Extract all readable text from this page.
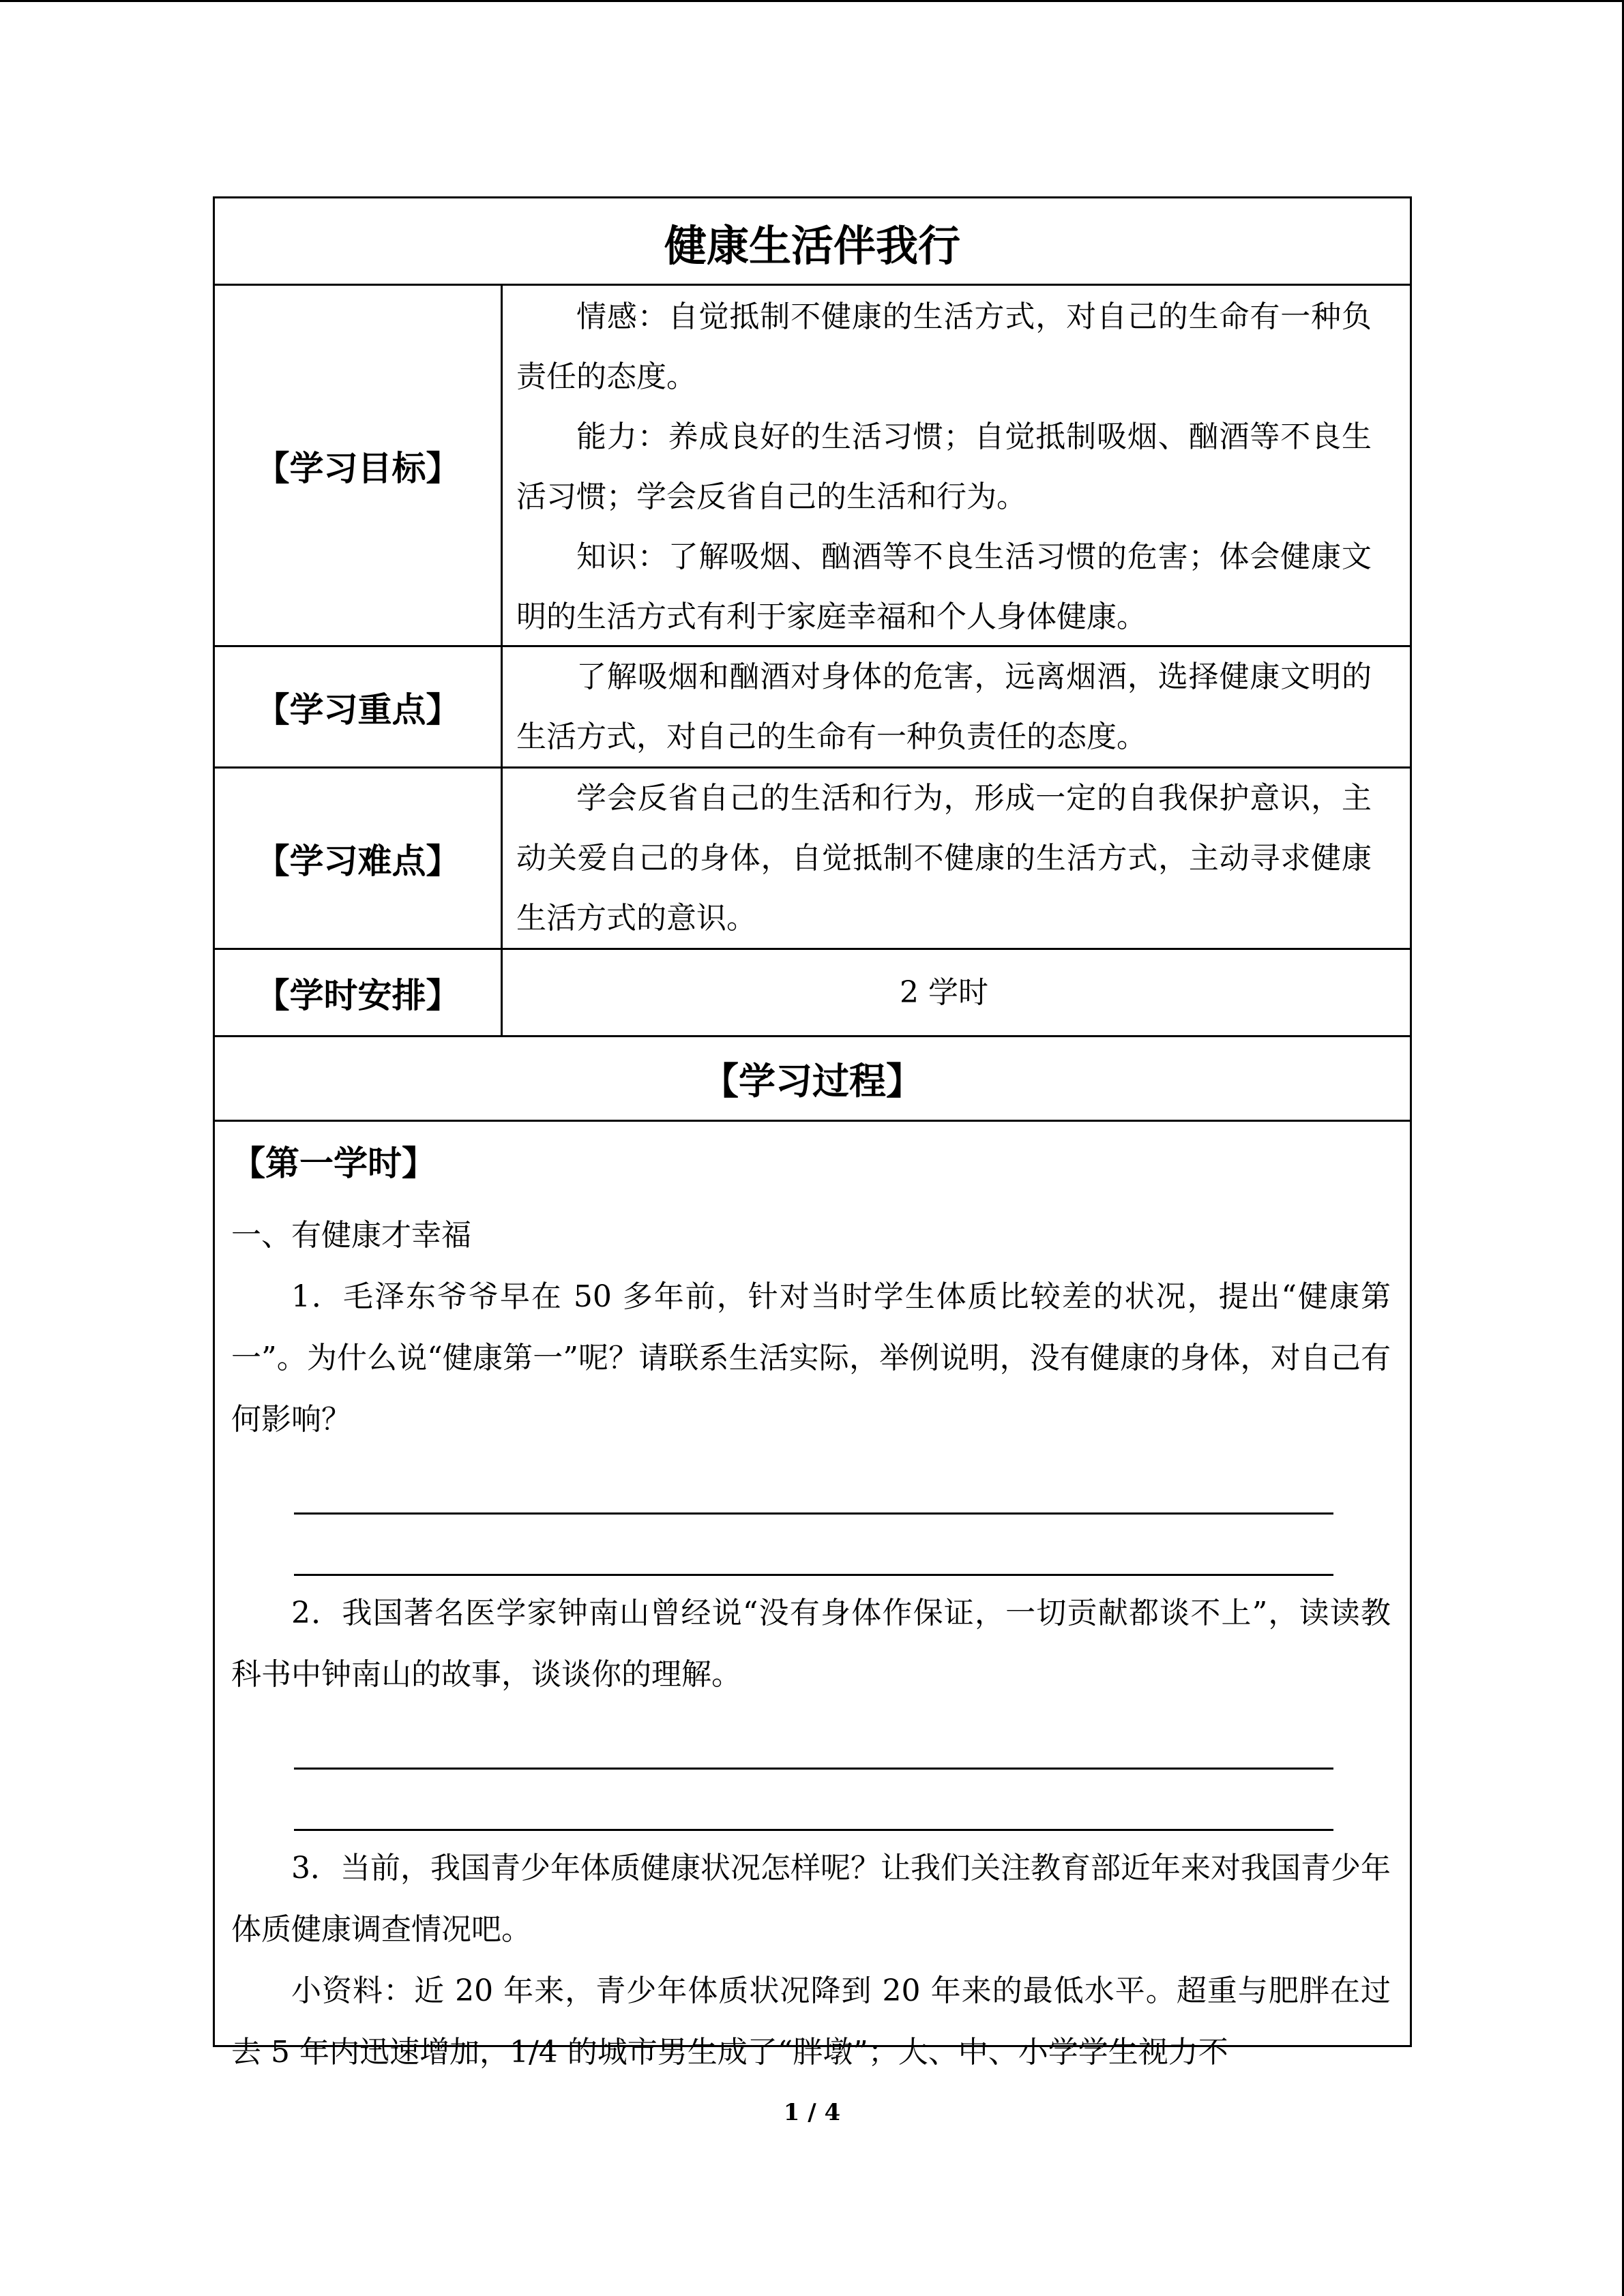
健康生活伴我行
【学习目标】

情感：自觉抵制不健康的生活方式，对自己的生命有一种负责任的态度。

能力：养成良好的生活习惯；自觉抵制吸烟、酗酒等不良生活习惯；学会反省自己的生活和行为。

知识：了解吸烟、酗酒等不良生活习惯的危害；体会健康文明的生活方式有利于家庭幸福和个人身体健康。

【学习重点】

了解吸烟和酗酒对身体的危害，远离烟酒，选择健康文明的生活方式，对自己的生命有一种负责任的态度。

【学习难点】

学会反省自己的生活和行为，形成一定的自我保护意识，主动关爱自己的身体，自觉抵制不健康的生活方式，主动寻求健康生活方式的意识。

【学时安排】	2 学时
【学习过程】

【第一学时】

一、有健康才幸福

1．毛泽东爷爷早在 50 多年前，针对当时学生体质比较差的状况，提出“健康第一”。为什么说“健康第一”呢？请联系生活实际，举例说明，没有健康的身体，对自己有何影响？

2．我国著名医学家钟南山曾经说“没有身体作保证，一切贡献都谈不上”，读读教科书中钟南山的故事，谈谈你的理解。

3．当前，我国青少年体质健康状况怎样呢？让我们关注教育部近年来对我国青少年体质健康调查情况吧。

小资料：近 20 年来，青少年体质状况降到 20 年来的最低水平。超重与肥胖在过去 5 年内迅速增加，1/4 的城市男生成了“胖墩”；大、中、小学学生视力不

1 / 4
